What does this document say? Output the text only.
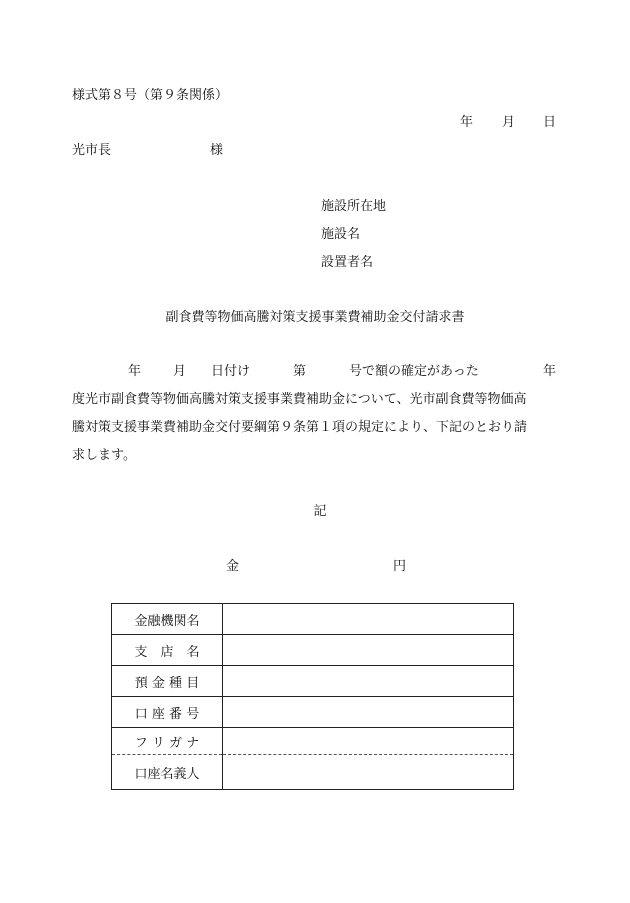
様式第８号（第９条関係）
年 月 日
光市長	様
施設所在地
施設名
設置者名
副食費等物価高騰対策支援事業費補助金交付請求書
年 月 日付け	第	号で額の確定があった	年
度光市副食費等物価高騰対策支援事業費補助金について、光市副食費等物価高
騰対策支援事業費補助金交付要綱第９条第１項の規定により、下記のとおり請
求します。
記
金	円
金融機関名	
支　店　名	
預 金 種 目	
口 座 番 号	
フ リ ガ ナ	
口座名義人	
